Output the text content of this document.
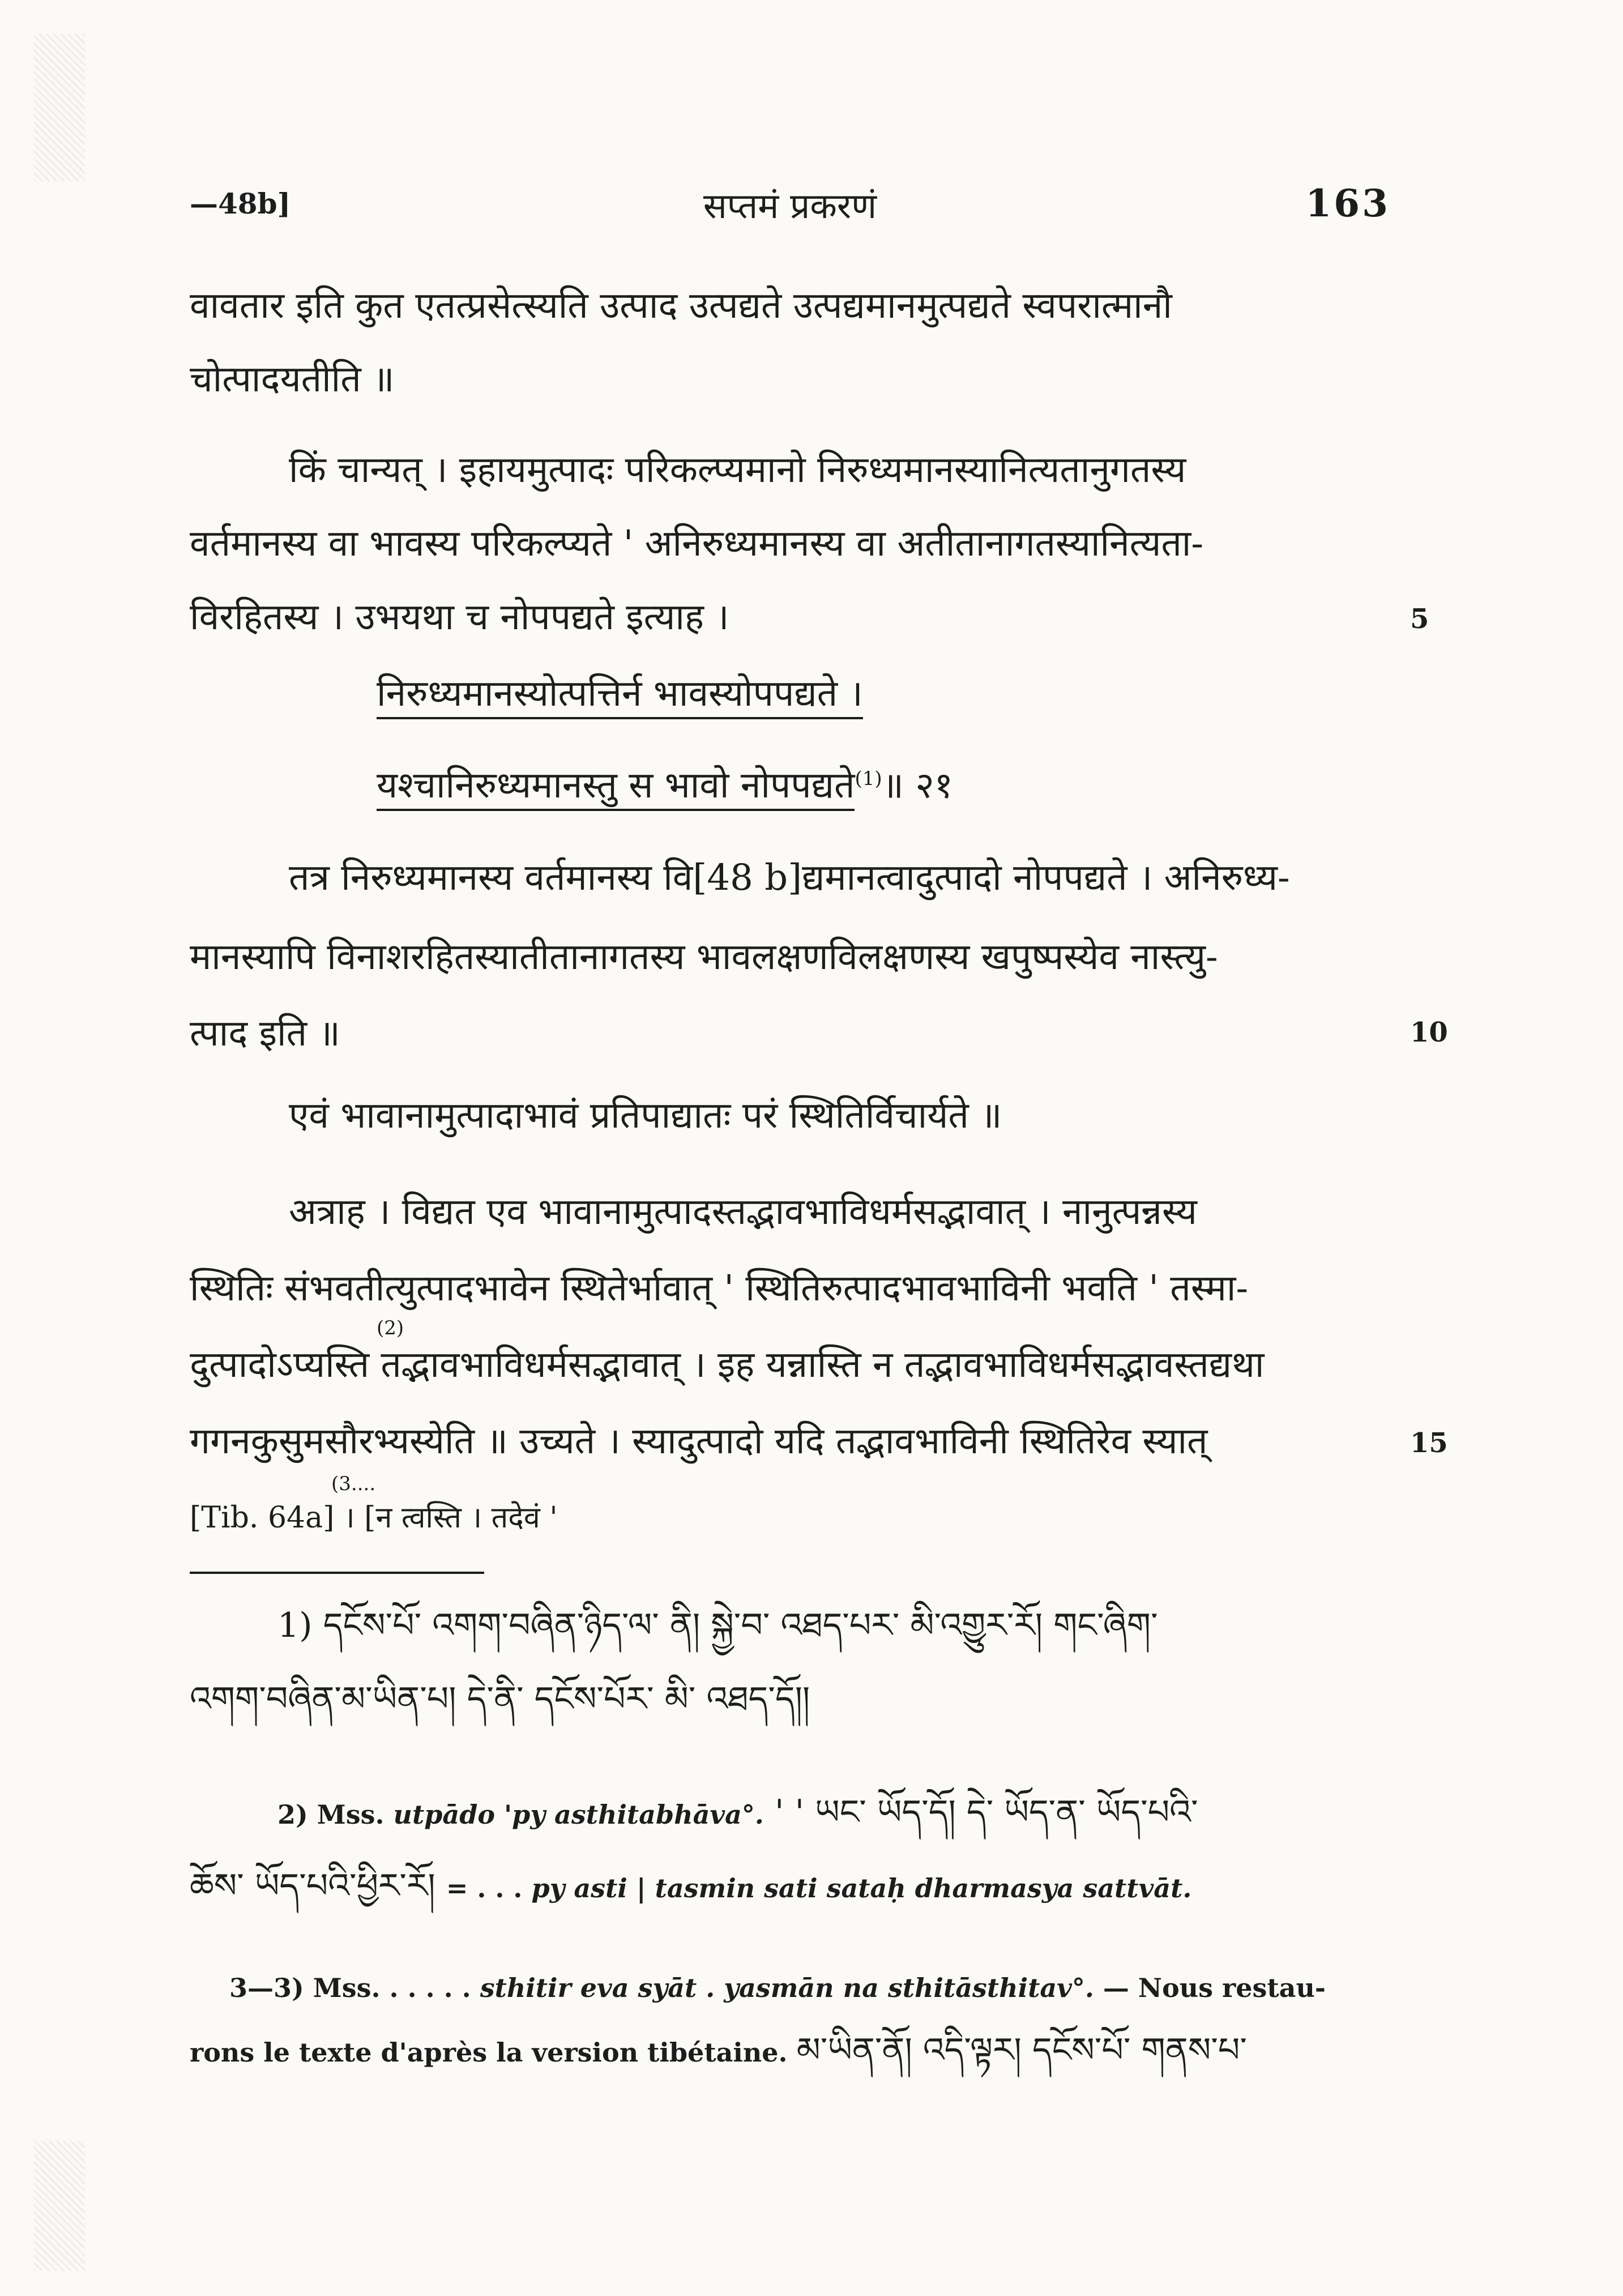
—48b]	सप्तमं प्रकरणं	163
वावतार इति कुत एतत्प्रसेत्स्यति उत्पाद उत्पद्यते उत्पद्यमानमुत्पद्यते स्वपरात्मानौ
चोत्पादयतीति ॥
किं चान्यत् । इहायमुत्पादः परिकल्प्यमानो निरुध्यमानस्यानित्यतानुगतस्य
वर्तमानस्य वा भावस्य परिकल्प्यते ' अनिरुध्यमानस्य वा अतीतानागतस्यानित्यता-
विरहितस्य । उभयथा च नोपपद्यते इत्याह ।	5
निरुध्यमानस्योत्पत्तिर्न भावस्योपपद्यते ।
यश्चानिरुध्यमानस्तु स भावो नोपपद्यते$^{(1)}$॥ २१
तत्र निरुध्यमानस्य वर्तमानस्य वि[48 b]द्यमानत्वादुत्पादो नोपपद्यते । अनिरुध्य-
मानस्यापि विनाशरहितस्यातीतानागतस्य भावलक्षणविलक्षणस्य खपुष्पस्येव नास्त्यु-
त्पाद इति ॥	10
एवं भावानामुत्पादाभावं प्रतिपाद्यातः परं स्थितिर्विचार्यते ॥
अत्राह । विद्यत एव भावानामुत्पादस्तद्भावभाविधर्मसद्भावात् । नानुत्पन्नस्य
स्थितिः संभवतीत्युत्पादभावेन स्थितेर्भावात् ' स्थितिरुत्पादभावभाविनी भवति ' तस्मा-
(2)
दुत्पादोऽप्यस्ति तद्भावभाविधर्मसद्भावात् । इह यन्नास्ति न तद्भावभाविधर्मसद्भावस्तद्यथा
गगनकुसुमसौरभ्यस्येति ॥ उच्यते । स्यादुत्पादो यदि तद्भावभाविनी स्थितिरेव स्यात्	15
(3....
[Tib. 64a] । [न त्वस्ति । तदेवं '
1) དངོས་པོ་ འགག་བཞིན་ཉིད་ལ་ ནི། སྐྱེ་བ་ འཐད་པར་ མི་འགྱུར་རོ། གང་ཞིག་
འགག་བཞིན་མ་ཡིན་པ། དེ་ནི་ དངོས་པོར་ མི་ འཐད་དོ།།
2) Mss. utpādo 'py asthitabhāva°. ' ' ཡང་ ཡོད་དོ། དེ་ ཡོད་ན་ ཡོད་པའི་
ཆོས་ ཡོད་པའི་ཕྱིར་རོ། = . . . py asti | tasmin sati sataḥ dharmasya sattvāt.
3—3) Mss. . . . . . sthitir eva syāt . yasmān na sthitāsthitav°. — Nous restau-
rons le texte d'après la version tibétaine. མ་ཡིན་ནོ། འདི་ལྟར། དངོས་པོ་ གནས་པ་
